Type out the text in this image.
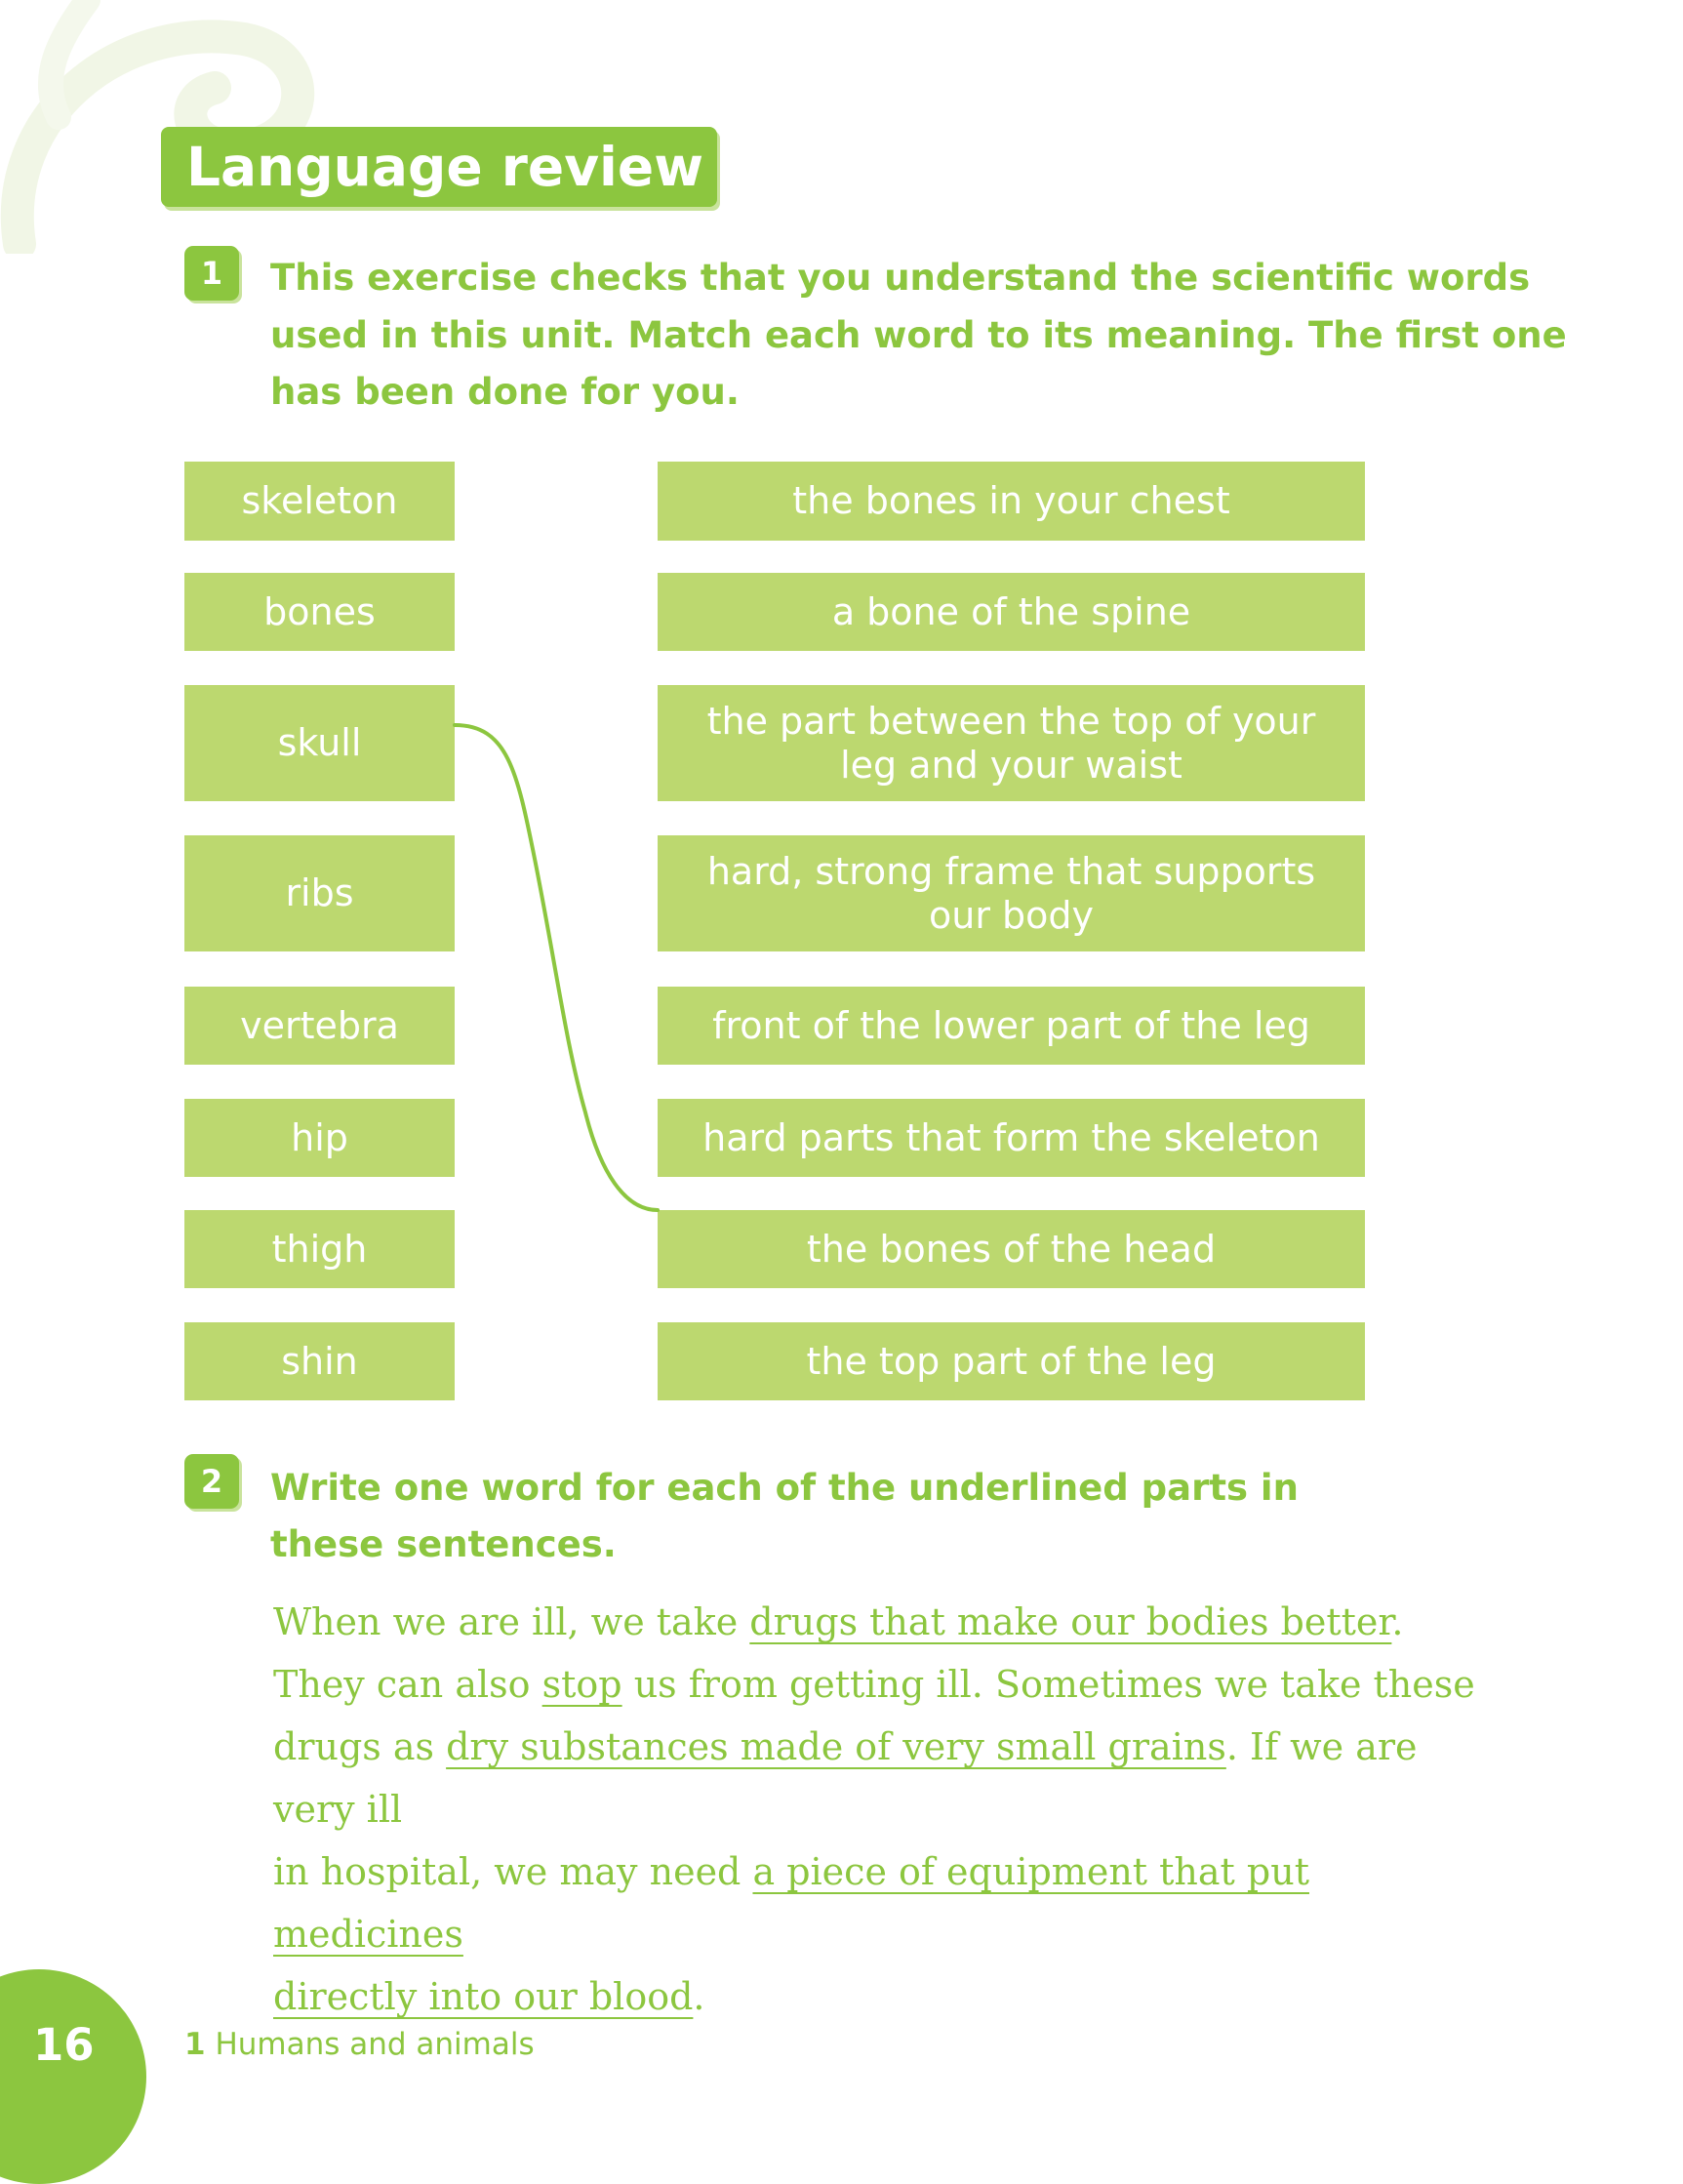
Language review
1	This exercise checks that you understand the scientific words

used in this unit. Match each word to its meaning. The first one

has been done for you.

skeleton
bones
skull
ribs
vertebra
hip
thigh
shin
the bones in your chest
a bone of the spine
the part between the top of your
leg and your waist
hard, strong frame that supports
our body
front of the lower part of the leg
hard parts that form the skeleton
the bones of the head
the top part of the leg
2	Write one word for each of the underlined parts in

these sentences.

When we are ill, we take drugs that make our bodies better.
They can also stop us from getting ill. Sometimes we take these
drugs as dry substances made of very small grains. If we are very ill
in hospital, we may need a piece of equipment that put medicines
directly into our blood.
16	1 Humans and animals
